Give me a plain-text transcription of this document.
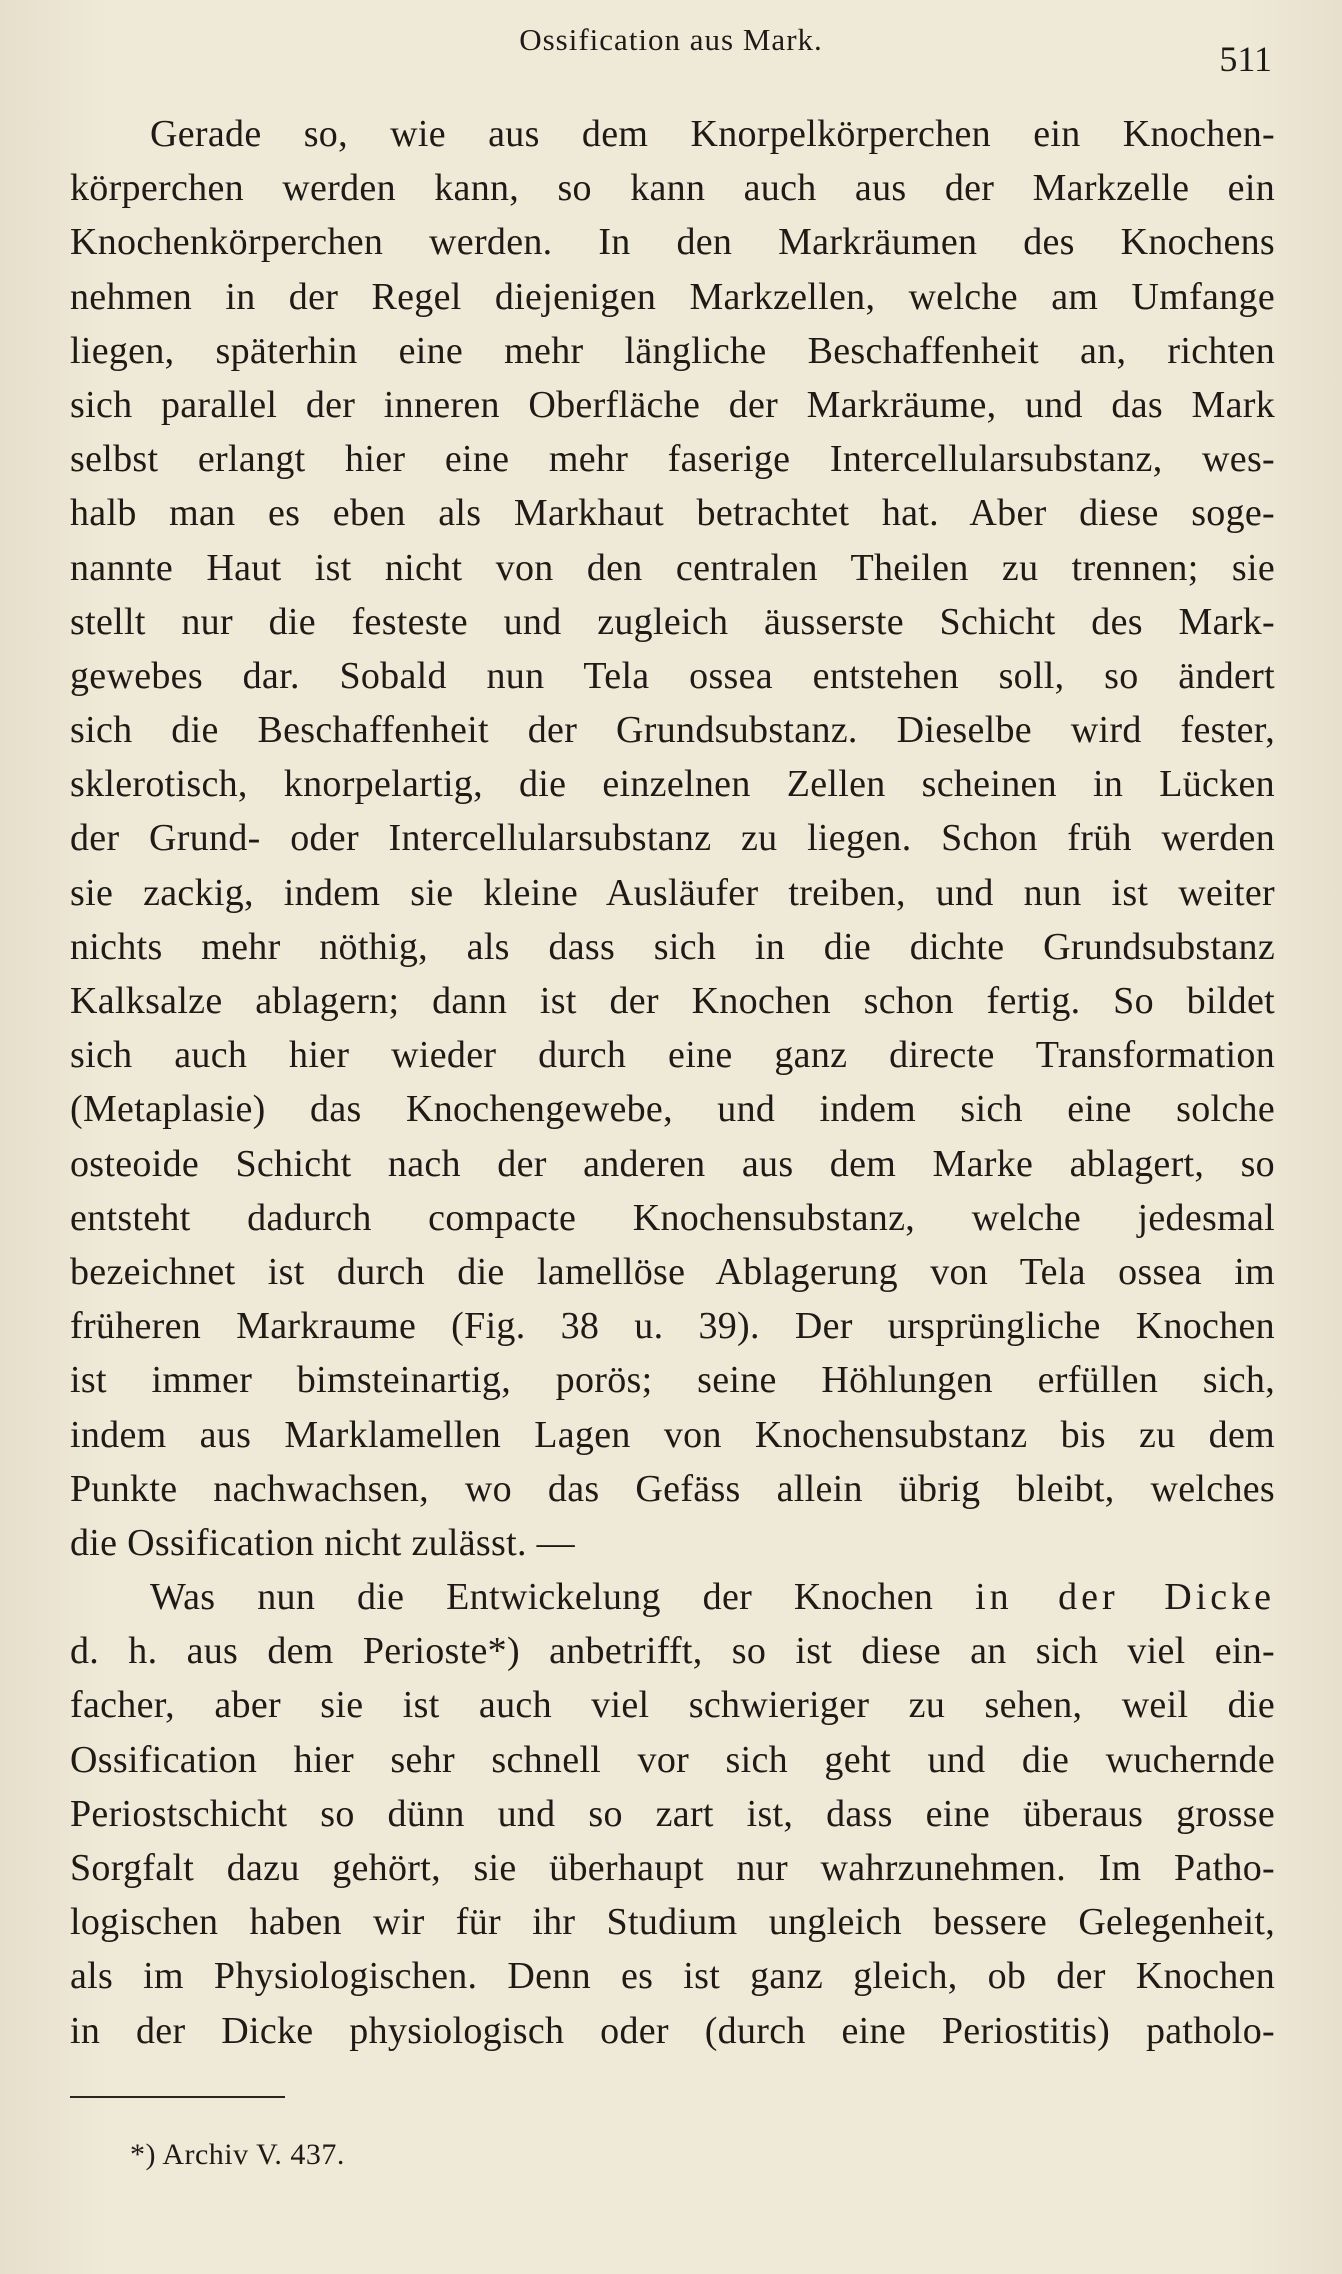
Ossification aus Mark.	511
Gerade so, wie aus dem Knorpelkörperchen ein Knochen-
körperchen werden kann, so kann auch aus der Markzelle ein
Knochenkörperchen werden. In den Markräumen des Knochens
nehmen in der Regel diejenigen Markzellen, welche am Umfange
liegen, späterhin eine mehr längliche Beschaffenheit an, richten
sich parallel der inneren Oberfläche der Markräume, und das Mark
selbst erlangt hier eine mehr faserige Intercellularsubstanz, wes-
halb man es eben als Markhaut betrachtet hat. Aber diese soge-
nannte Haut ist nicht von den centralen Theilen zu trennen; sie
stellt nur die festeste und zugleich äusserste Schicht des Mark-
gewebes dar. Sobald nun Tela ossea entstehen soll, so ändert
sich die Beschaffenheit der Grundsubstanz. Dieselbe wird fester,
sklerotisch, knorpelartig, die einzelnen Zellen scheinen in Lücken
der Grund- oder Intercellularsubstanz zu liegen. Schon früh werden
sie zackig, indem sie kleine Ausläufer treiben, und nun ist weiter
nichts mehr nöthig, als dass sich in die dichte Grundsubstanz
Kalksalze ablagern; dann ist der Knochen schon fertig. So bildet
sich auch hier wieder durch eine ganz directe Transformation
(Metaplasie) das Knochengewebe, und indem sich eine solche
osteoide Schicht nach der anderen aus dem Marke ablagert, so
entsteht dadurch compacte Knochensubstanz, welche jedesmal
bezeichnet ist durch die lamellöse Ablagerung von Tela ossea im
früheren Markraume (Fig. 38 u. 39). Der ursprüngliche Knochen
ist immer bimsteinartig, porös; seine Höhlungen erfüllen sich,
indem aus Marklamellen Lagen von Knochensubstanz bis zu dem
Punkte nachwachsen, wo das Gefäss allein übrig bleibt, welches
die Ossification nicht zulässt. —
Was nun die Entwickelung der Knochen in der Dicke
d. h. aus dem Perioste*) anbetrifft, so ist diese an sich viel ein-
facher, aber sie ist auch viel schwieriger zu sehen, weil die
Ossification hier sehr schnell vor sich geht und die wuchernde
Periostschicht so dünn und so zart ist, dass eine überaus grosse
Sorgfalt dazu gehört, sie überhaupt nur wahrzunehmen. Im Patho-
logischen haben wir für ihr Studium ungleich bessere Gelegenheit,
als im Physiologischen. Denn es ist ganz gleich, ob der Knochen
in der Dicke physiologisch oder (durch eine Periostitis) patholo-
*) Archiv V. 437.
